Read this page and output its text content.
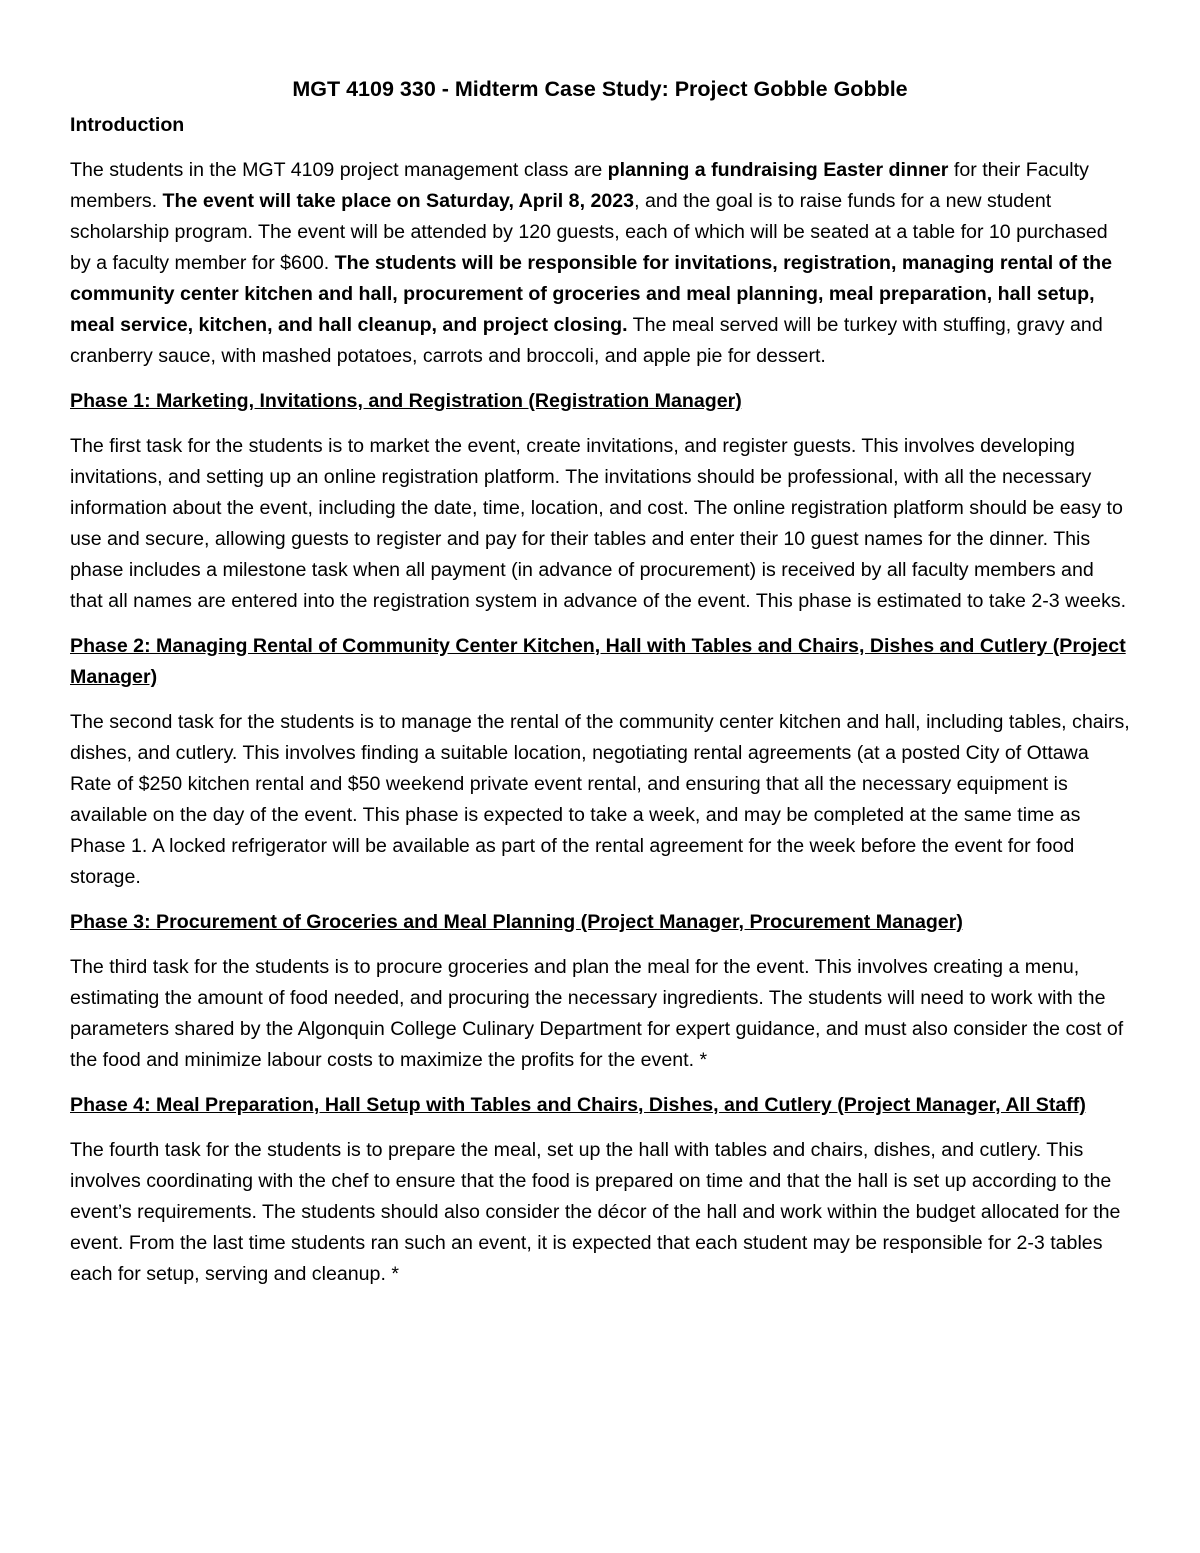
MGT 4109 330 - Midterm Case Study: Project Gobble Gobble
Introduction

The students in the MGT 4109 project management class are planning a fundraising Easter dinner for their Faculty members. The event will take place on Saturday, April 8, 2023, and the goal is to raise funds for a new student scholarship program. The event will be attended by 120 guests, each of which will be seated at a table for 10 purchased by a faculty member for $600. The students will be responsible for invitations, registration, managing rental of the community center kitchen and hall, procurement of groceries and meal planning, meal preparation, hall setup, meal service, kitchen, and hall cleanup, and project closing. The meal served will be turkey with stuffing, gravy and cranberry sauce, with mashed potatoes, carrots and broccoli, and apple pie for dessert.

Phase 1: Marketing, Invitations, and Registration (Registration Manager)

The first task for the students is to market the event, create invitations, and register guests. This involves developing invitations, and setting up an online registration platform. The invitations should be professional, with all the necessary information about the event, including the date, time, location, and cost. The online registration platform should be easy to use and secure, allowing guests to register and pay for their tables and enter their 10 guest names for the dinner. This phase includes a milestone task when all payment (in advance of procurement) is received by all faculty members and that all names are entered into the registration system in advance of the event. This phase is estimated to take 2-3 weeks.

Phase 2: Managing Rental of Community Center Kitchen, Hall with Tables and Chairs, Dishes and Cutlery (Project Manager)

The second task for the students is to manage the rental of the community center kitchen and hall, including tables, chairs, dishes, and cutlery. This involves finding a suitable location, negotiating rental agreements (at a posted City of Ottawa Rate of $250 kitchen rental and $50 weekend private event rental, and ensuring that all the necessary equipment is available on the day of the event. This phase is expected to take a week, and may be completed at the same time as Phase 1. A locked refrigerator will be available as part of the rental agreement for the week before the event for food storage.

Phase 3: Procurement of Groceries and Meal Planning (Project Manager, Procurement Manager)

The third task for the students is to procure groceries and plan the meal for the event. This involves creating a menu, estimating the amount of food needed, and procuring the necessary ingredients. The students will need to work with the parameters shared by the Algonquin College Culinary Department for expert guidance, and must also consider the cost of the food and minimize labour costs to maximize the profits for the event. *

Phase 4: Meal Preparation, Hall Setup with Tables and Chairs, Dishes, and Cutlery (Project Manager, All Staff)

The fourth task for the students is to prepare the meal, set up the hall with tables and chairs, dishes, and cutlery. This involves coordinating with the chef to ensure that the food is prepared on time and that the hall is set up according to the event’s requirements. The students should also consider the décor of the hall and work within the budget allocated for the event. From the last time students ran such an event, it is expected that each student may be responsible for 2-3 tables each for setup, serving and cleanup. *
